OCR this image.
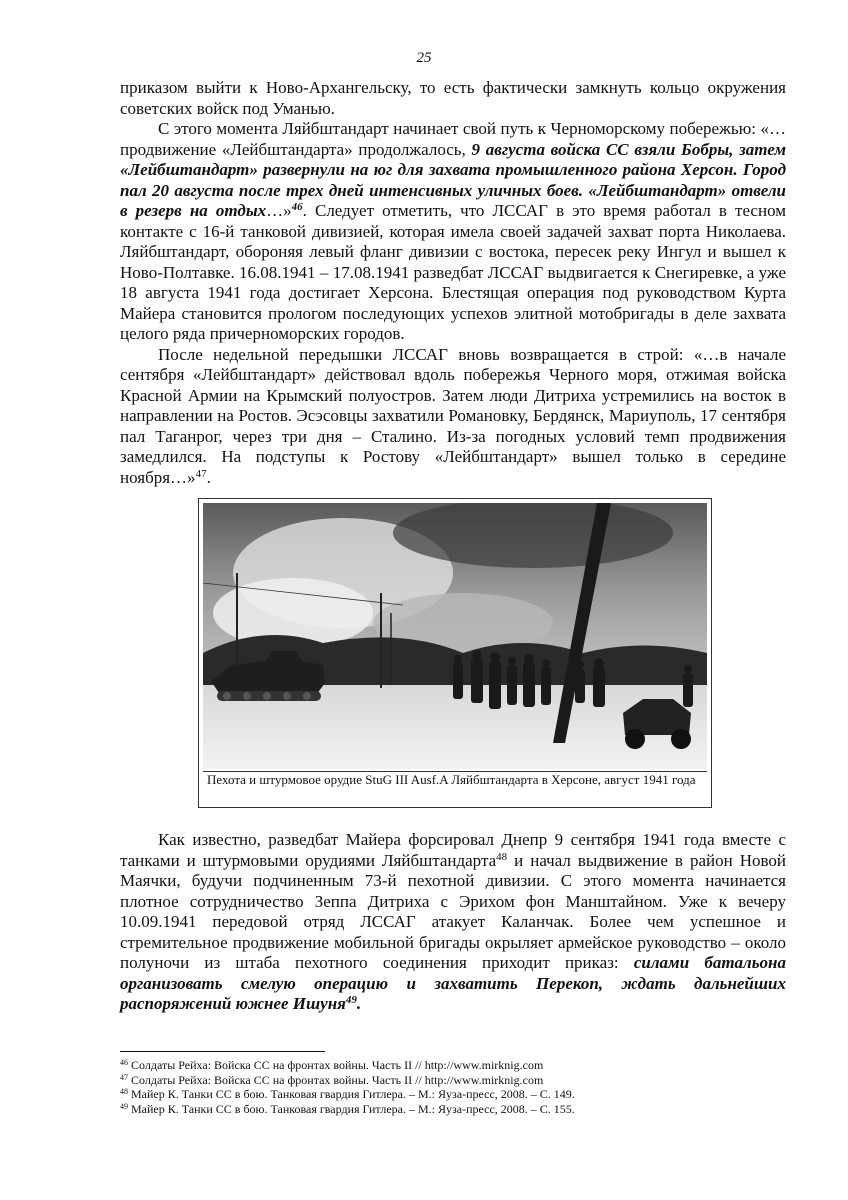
25

приказом выйти к Ново-Архангельску, то есть фактически замкнуть кольцо окружения советских войск под Уманью.

С этого момента Ляйбштандарт начинает свой путь к Черноморскому побережью: «…продвижение «Лейбштандарта» продолжалось, 9 августа войска СС взяли Бобры, затем «Лейбштандарт» развернули на юг для захвата промышленного района Херсон. Город пал 20 августа после трех дней интенсивных уличных боев. «Лейбштандарт» отвели в резерв на отдых…»$^{46}$. Следует отметить, что ЛССАГ в это время работал в тесном контакте с 16-й танковой дивизией, которая имела своей задачей захват порта Николаева. Ляйбштандарт, обороняя левый фланг дивизии с востока, пересек реку Ингул и вышел к Ново-Полтавке. 16.08.1941 – 17.08.1941 разведбат ЛССАГ выдвигается к Снегиревке, а уже 18 августа 1941 года достигает Херсона. Блестящая операция под руководством Курта Майера становится прологом последующих успехов элитной мотобригады в деле захвата целого ряда причерноморских городов.

После недельной передышки ЛССАГ вновь возвращается в строй: «…в начале сентября «Лейбштандарт» действовал вдоль побережья Черного моря, отжимая войска Красной Армии на Крымский полуостров. Затем люди Дитриха устремились на восток в направлении на Ростов. Эсэсовцы захватили Романовку, Бердянск, Мариуполь, 17 сентября пал Таганрог, через три дня – Сталино. Из-за погодных условий темп продвижения замедлился. На подступы к Ростову «Лейбштандарт» вышел только в середине ноября…»$^{47}$.

Пехота и штурмовое орудие StuG III Ausf.A Ляйбштандарта в Херсоне, август 1941 года

Как известно, разведбат Майера форсировал Днепр 9 сентября 1941 года вместе с танками и штурмовыми орудиями Ляйбштандарта$^{48}$ и начал выдвижение в район Новой Маячки, будучи подчиненным 73-й пехотной дивизии. С этого момента начинается плотное сотрудничество Зеппа Дитриха с Эрихом фон Манштайном. Уже к вечеру 10.09.1941 передовой отряд ЛССАГ атакует Каланчак. Более чем успешное и стремительное продвижение мобильной бригады окрыляет армейское руководство – около полуночи из штаба пехотного соединения приходит приказ: силами батальона организовать смелую операцию и захватить Перекоп, ждать дальнейших распоряжений южнее Ишуня$^{49}$.

$^{46}$ Солдаты Рейха: Войска СС на фронтах войны. Часть II // http://www.mirknig.com
$^{47}$ Солдаты Рейха: Войска СС на фронтах войны. Часть II // http://www.mirknig.com
$^{48}$ Майер К. Танки СС в бою. Танковая гвардия Гитлера. – М.: Яуза-пресс, 2008. – С. 149.
$^{49}$ Майер К. Танки СС в бою. Танковая гвардия Гитлера. – М.: Яуза-пресс, 2008. – С. 155.
